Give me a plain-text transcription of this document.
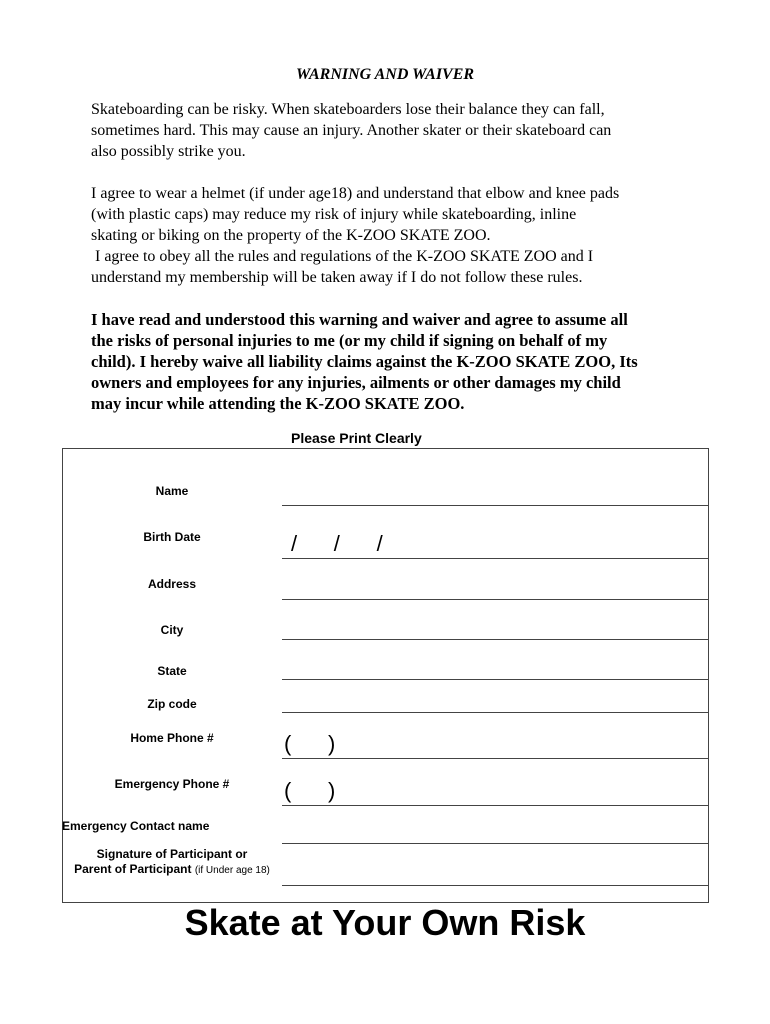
WARNING AND WAIVER

Skateboarding can be risky. When skateboarders lose their balance they can fall,
sometimes hard. This may cause an injury. Another skater or their skateboard can
also possibly strike you.

I agree to wear a helmet (if under age18) and understand that elbow and knee pads
(with plastic caps) may reduce my risk of injury while skateboarding, inline
skating or biking on the property of the K-ZOO SKATE ZOO.
I agree to obey all the rules and regulations of the K-ZOO SKATE ZOO and I
understand my membership will be taken away if I do not follow these rules.

I have read and understood this warning and waiver and agree to assume all
the risks of personal injuries to me (or my child if signing on behalf of my
child). I hereby waive all liability claims against the K-ZOO SKATE ZOO, Its
owners and employees for any injuries, ailments or other damages my child
may incur while attending the K-ZOO SKATE ZOO.

Please Print Clearly
Name
Birth Date	/      /      /
Address
City
State
Zip code
Home Phone #	(      )
Emergency Phone #	(      )
Emergency Contact name
Signature of Participant or
Parent of Participant (if Under age 18)
Skate at Your Own Risk
